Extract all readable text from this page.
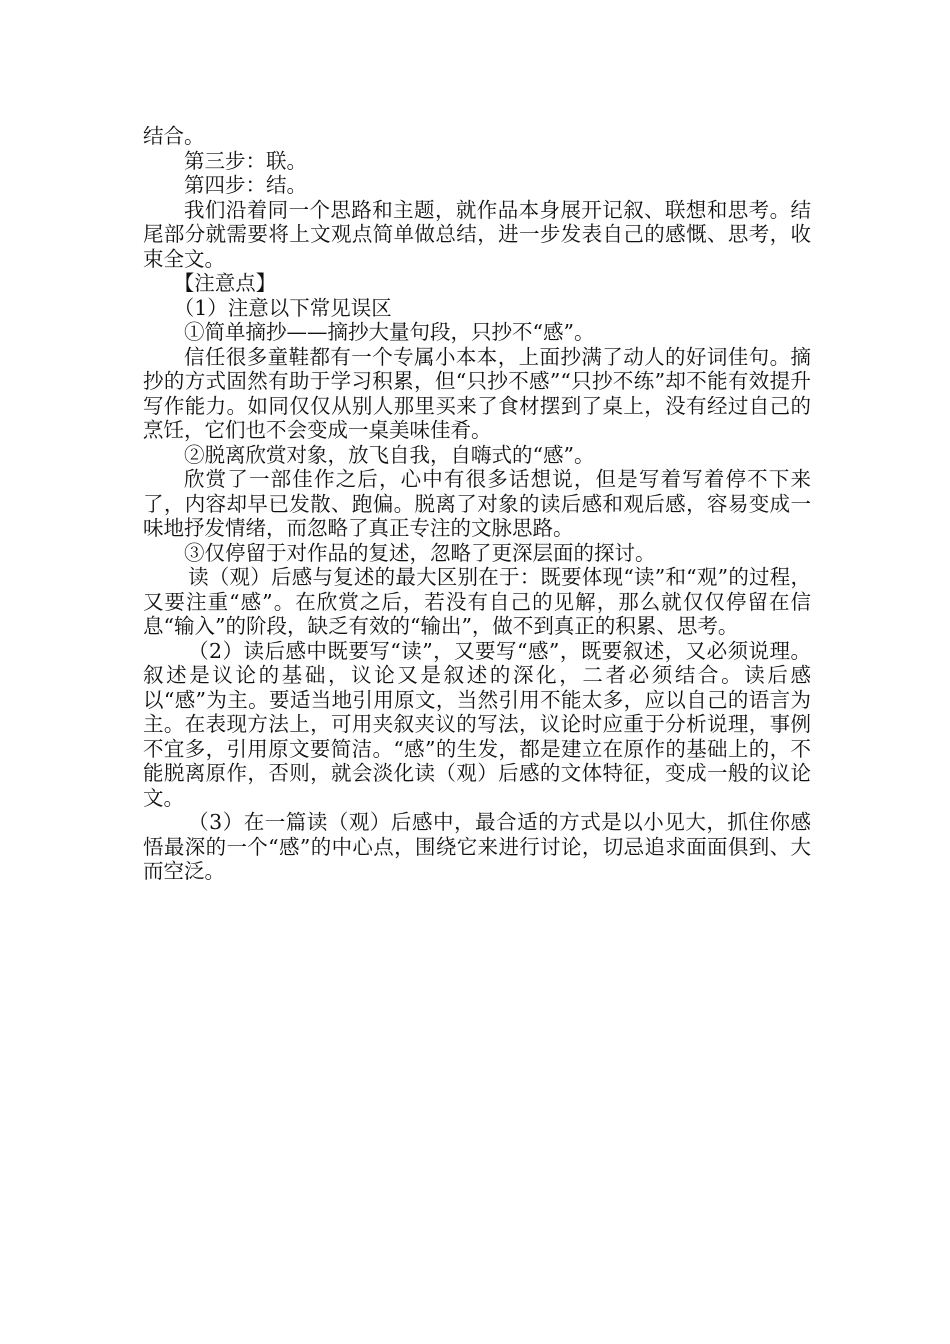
结合。

第三步：联。

第四步：结。

我们沿着同一个思路和主题，就作品本身展开记叙、联想和思考。结尾部分就需要将上文观点简单做总结，进一步发表自己的感慨、思考，收束全文。

【注意点】

（1）注意以下常见误区

①简单摘抄——摘抄大量句段，只抄不“感”。

信任很多童鞋都有一个专属小本本，上面抄满了动人的好词佳句。摘抄的方式固然有助于学习积累，但“只抄不感”“只抄不练”却不能有效提升写作能力。如同仅仅从别人那里买来了食材摆到了桌上，没有经过自己的烹饪，它们也不会变成一桌美味佳肴。

②脱离欣赏对象，放飞自我，自嗨式的“感”。

欣赏了一部佳作之后，心中有很多话想说，但是写着写着停不下来了，内容却早已发散、跑偏。脱离了对象的读后感和观后感，容易变成一味地抒发情绪，而忽略了真正专注的文脉思路。

③仅停留于对作品的复述，忽略了更深层面的探讨。

读（观）后感与复述的最大区别在于：既要体现“读”和“观”的过程，又要注重“感”。在欣赏之后，若没有自己的见解，那么就仅仅停留在信息“输入”的阶段，缺乏有效的“输出”，做不到真正的积累、思考。

（2）读后感中既要写“读”，又要写“感”，既要叙述，又必须说理。叙述是议论的基础，议论又是叙述的深化，二者必须结合。读后感以“感”为主。要适当地引用原文，当然引用不能太多，应以自己的语言为主。在表现方法上，可用夹叙夹议的写法，议论时应重于分析说理，事例不宜多，引用原文要简洁。“感”的生发，都是建立在原作的基础上的，不能脱离原作，否则，就会淡化读（观）后感的文体特征，变成一般的议论文。

（3）在一篇读（观）后感中，最合适的方式是以小见大，抓住你感悟最深的一个“感”的中心点，围绕它来进行讨论，切忌追求面面俱到、大而空泛。
